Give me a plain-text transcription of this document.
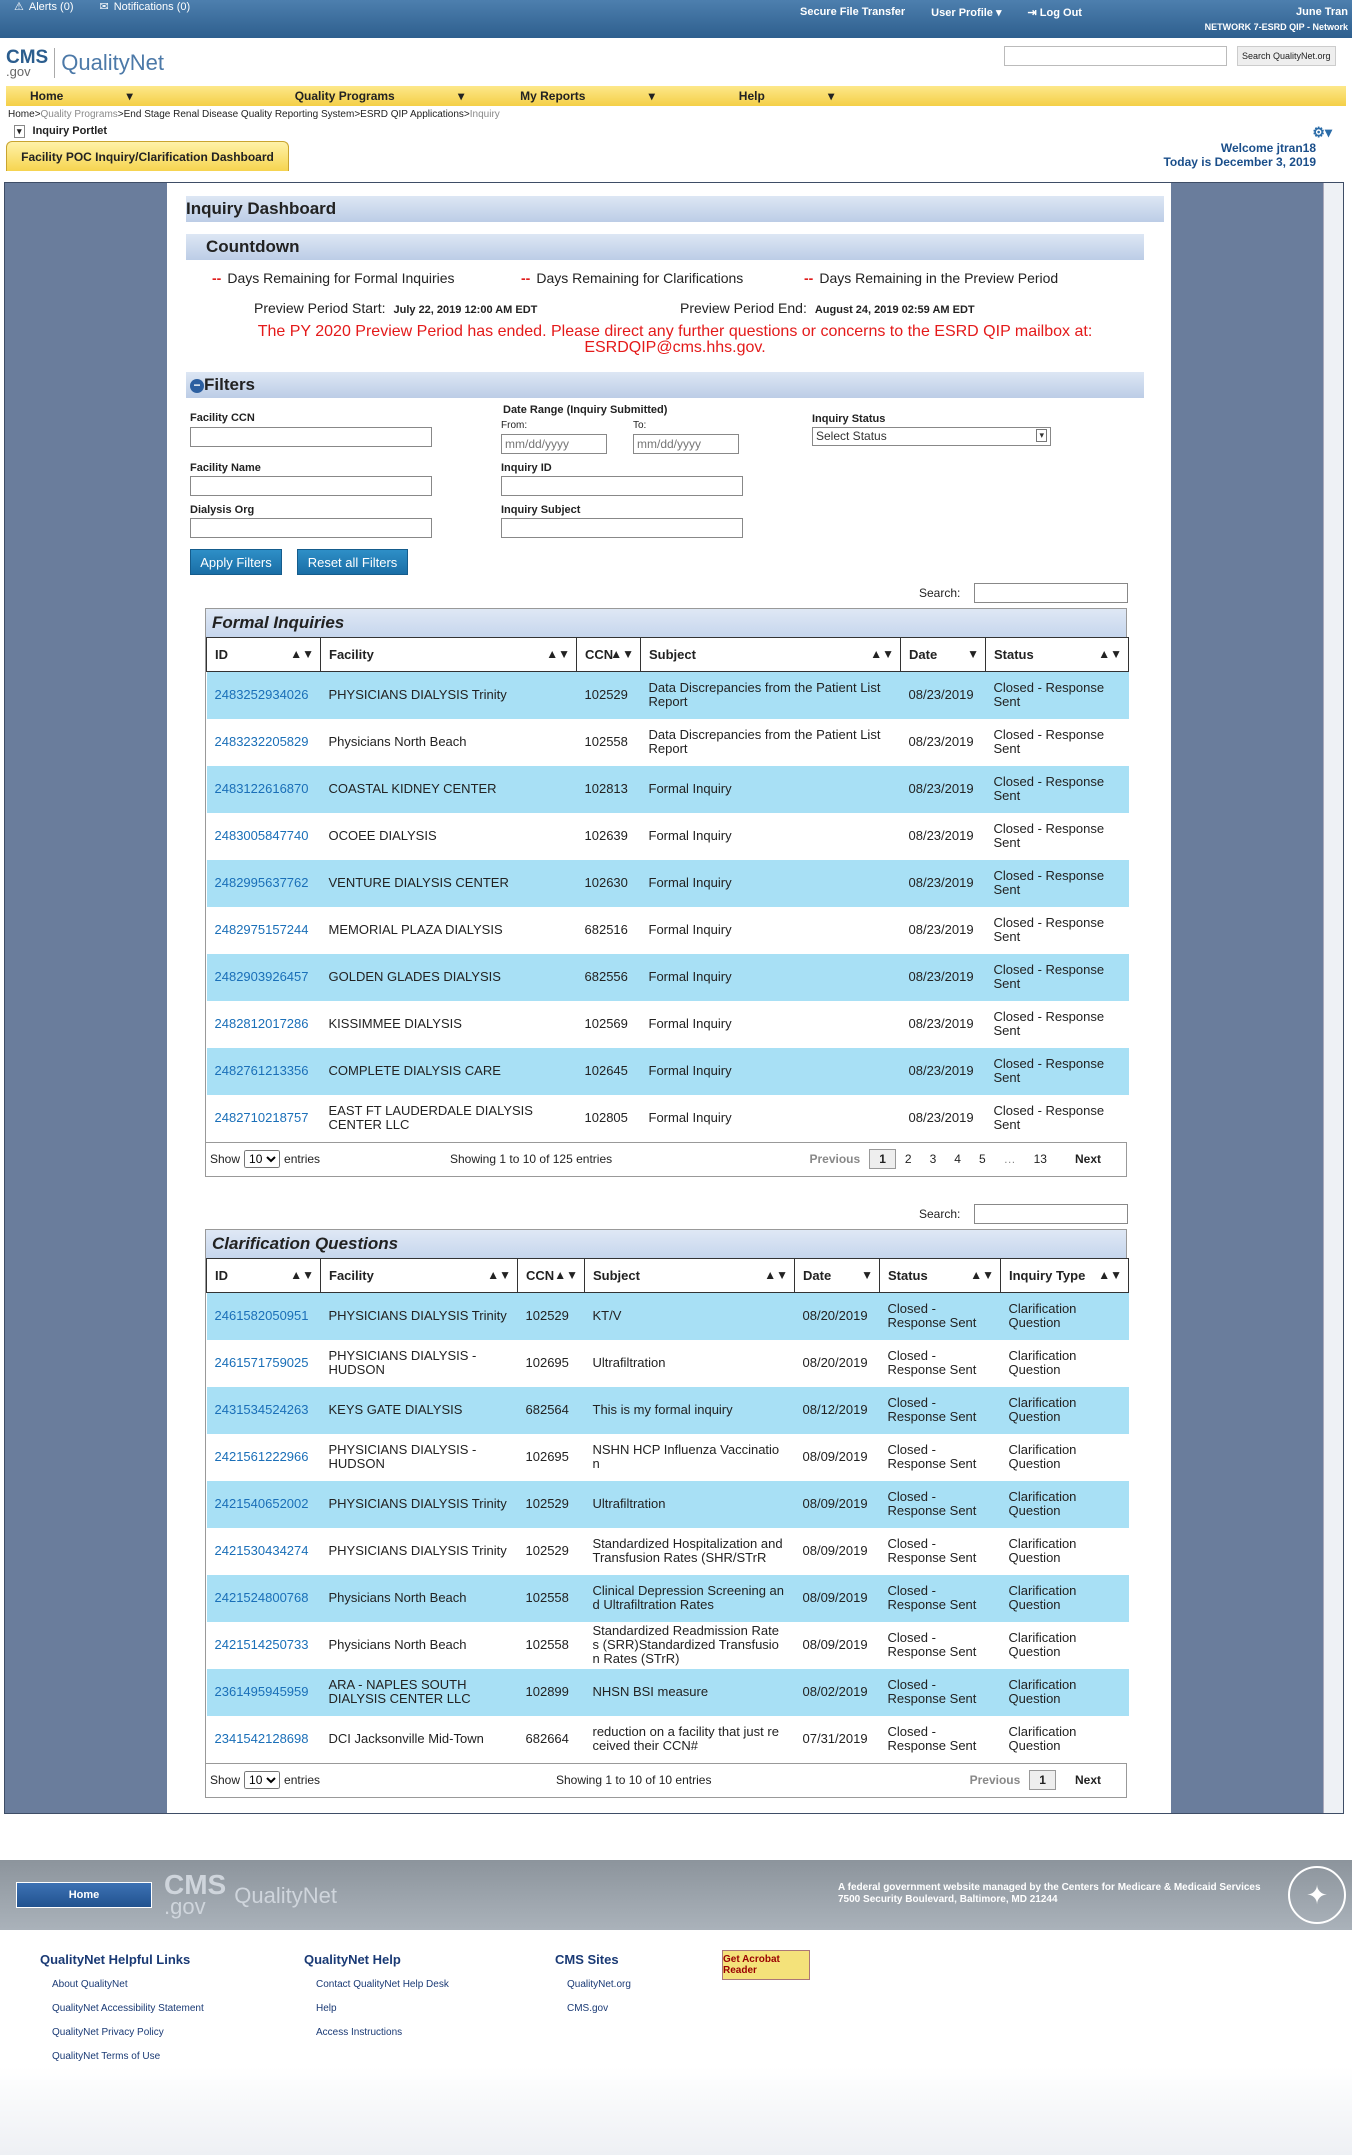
⚠ Alerts (0) ✉ Notifications (0)	Secure File Transfer User Profile ▾ ⇥ Log Out	June Tran
NETWORK 7-ESRD QIP - Network
CMS
.gov	QualityNet	Search QualityNet.org
Home	▾	Quality Programs	▾	My Reports	▾	Help	▾
Home>Quality Programs>End Stage Renal Disease Quality Reporting System>ESRD QIP Applications>Inquiry
▾ Inquiry Portlet	⚙▾
Facility POC Inquiry/Clarification Dashboard
Welcome jtran18
Today is December 3, 2019
Inquiry Dashboard
Countdown
-- Days Remaining for Formal Inquiries	-- Days Remaining for Clarifications	-- Days Remaining in the Preview Period
Preview Period Start: July 22, 2019 12:00 AM EDT	Preview Period End: August 24, 2019 02:59 AM EDT
The PY 2020 Preview Period has ended. Please direct any further questions or concerns to the ESRD QIP mailbox at: ESRDQIP@cms.hhs.gov.
− Filters
Facility CCN
Facility Name
Dialysis Org
Date Range (Inquiry Submitted)
From:	To:
mm/dd/yyyy
mm/dd/yyyy
Inquiry ID
Inquiry Subject
Inquiry Status
Select Status	▾
Apply Filters	Reset all Filters
Search:
Formal Inquiries
ID ▲▼	Facility ▲▼	CCN
▲▼	Subject ▲▼	Date ▼	Status ▲▼

2483252934026	PHYSICIANS DIALYSIS Trinity	102529	Data Discrepancies from the Patient List Report	08/23/2019	Closed - Response Sent
2483232205829	Physicians North Beach	102558	Data Discrepancies from the Patient List Report	08/23/2019	Closed - Response Sent
2483122616870	COASTAL KIDNEY CENTER	102813	Formal Inquiry	08/23/2019	Closed - Response Sent
2483005847740	OCOEE DIALYSIS	102639	Formal Inquiry	08/23/2019	Closed - Response Sent
2482995637762	VENTURE DIALYSIS CENTER	102630	Formal Inquiry	08/23/2019	Closed - Response Sent
2482975157244	MEMORIAL PLAZA DIALYSIS	682516	Formal Inquiry	08/23/2019	Closed - Response Sent
2482903926457	GOLDEN GLADES DIALYSIS	682556	Formal Inquiry	08/23/2019	Closed - Response Sent
2482812017286	KISSIMMEE DIALYSIS	102569	Formal Inquiry	08/23/2019	Closed - Response Sent
2482761213356	COMPLETE DIALYSIS CARE	102645	Formal Inquiry	08/23/2019	Closed - Response Sent
2482710218757	EAST FT LAUDERDALE DIALYSIS CENTER LLC	102805	Formal Inquiry	08/23/2019	Closed - Response Sent
Show
10	entries	Showing 1 to 10 of 125 entries	Previous	1	2	3	4	5	…	13	Next
Search:
Clarification Questions
ID ▲▼	Facility ▲▼	CCN ▲▼	Subject ▲▼	Date ▼	Status ▲▼	Inquiry Type ▲▼

2461582050951	PHYSICIANS DIALYSIS Trinity	102529	KT/V	08/20/2019	Closed - Response Sent	Clarification Question
2461571759025	PHYSICIANS DIALYSIS - HUDSON	102695	Ultrafiltration	08/20/2019	Closed - Response Sent	Clarification Question
2431534524263	KEYS GATE DIALYSIS	682564	This is my formal inquiry	08/12/2019	Closed - Response Sent	Clarification Question
2421561222966	PHYSICIANS DIALYSIS - HUDSON	102695	NSHN HCP Influenza Vaccinatio n	08/09/2019	Closed - Response Sent	Clarification Question
2421540652002	PHYSICIANS DIALYSIS Trinity	102529	Ultrafiltration	08/09/2019	Closed - Response Sent	Clarification Question
2421530434274	PHYSICIANS DIALYSIS Trinity	102529	Standardized Hospitalization and Transfusion Rates (SHR/STrR	08/09/2019	Closed - Response Sent	Clarification Question
2421524800768	Physicians North Beach	102558	Clinical Depression Screening an d Ultrafiltration Rates	08/09/2019	Closed - Response Sent	Clarification Question
2421514250733	Physicians North Beach	102558	Standardized Readmission Rate s (SRR)Standardized Transfusio n Rates (STrR)	08/09/2019	Closed - Response Sent	Clarification Question
2361495945959	ARA - NAPLES SOUTH DIALYSIS CENTER LLC	102899	NHSN BSI measure	08/02/2019	Closed - Response Sent	Clarification Question
2341542128698	DCI Jacksonville Mid-Town	682664	reduction on a facility that just re ceived their CCN#	07/31/2019	Closed - Response Sent	Clarification Question
Show
10	entries	Showing 1 to 10 of 10 entries	Previous	1	Next
Home	CMS
.gov	QualityNet	A federal government website managed by the Centers for Medicare & Medicaid Services
7500 Security Boulevard, Baltimore, MD 21244	✦
QualityNet Helpful Links
About QualityNet
QualityNet Accessibility Statement
QualityNet Privacy Policy
QualityNet Terms of Use
QualityNet Help
Contact QualityNet Help Desk
Help
Access Instructions
CMS Sites
QualityNet.org
CMS.gov
Get Acrobat Reader
